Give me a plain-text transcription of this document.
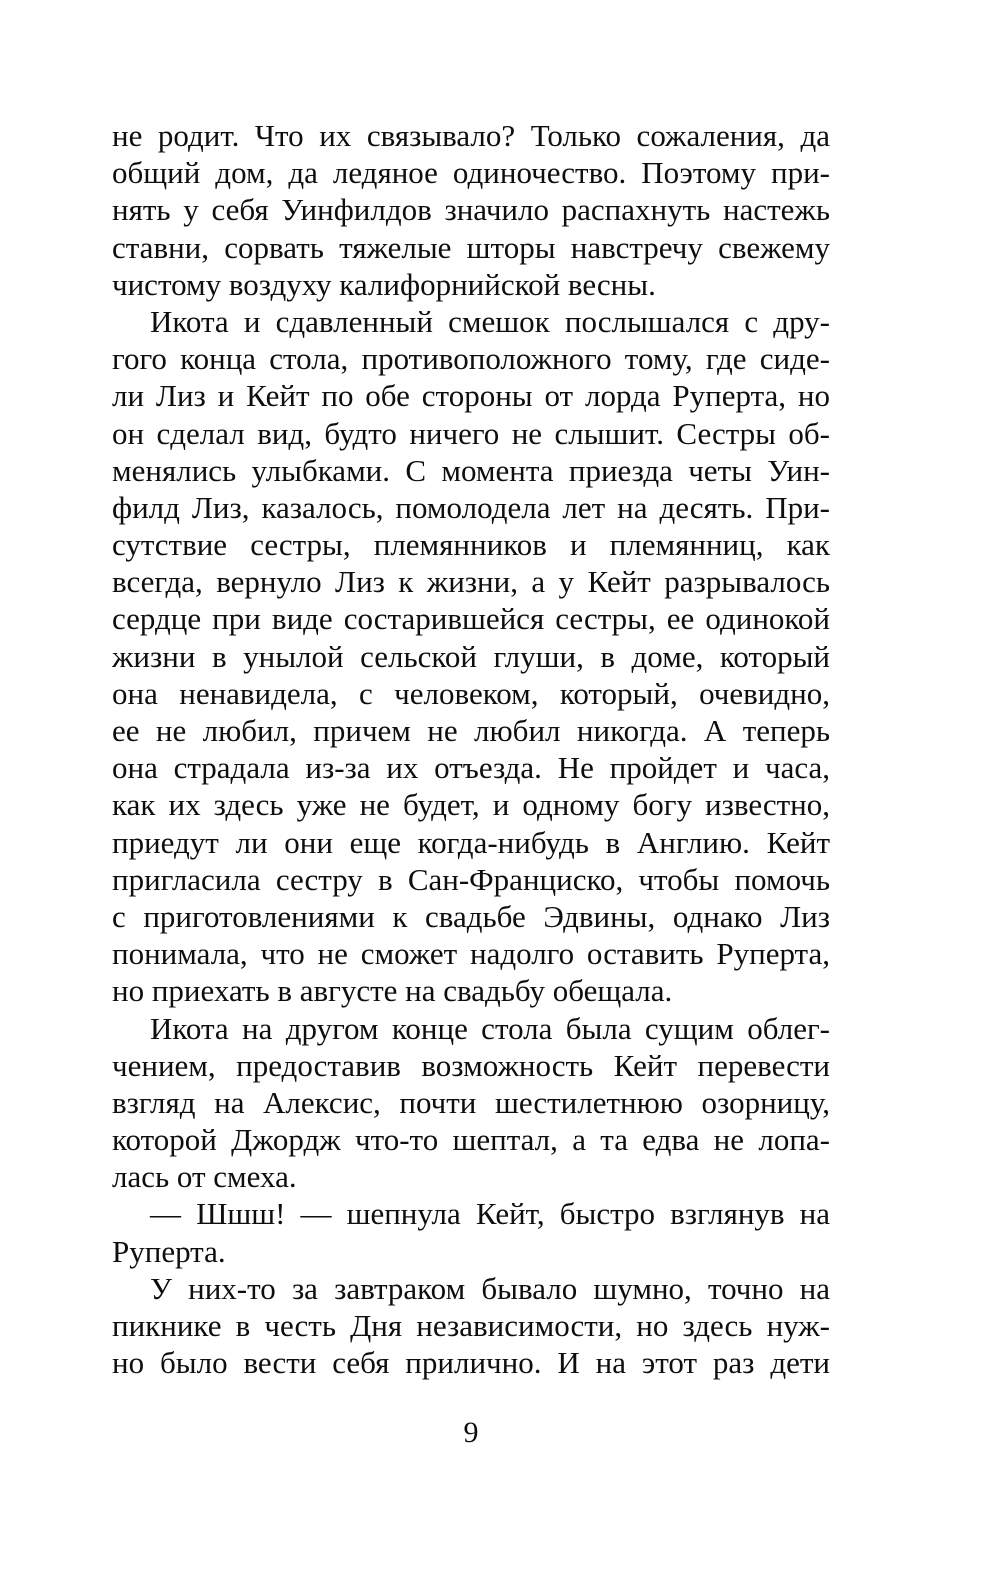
не родит. Что их связывало? Только сожаления, да
общий дом, да ледяное одиночество. Поэтому при-
нять у себя Уинфилдов значило распахнуть настежь
ставни, сорвать тяжелые шторы навстречу свежему
чистому воздуху калифорнийской весны.
Икота и сдавленный смешок послышался с дру-
гого конца стола, противоположного тому, где сиде-
ли Лиз и Кейт по обе стороны от лорда Руперта, но
он сделал вид, будто ничего не слышит. Сестры об-
менялись улыбками. С момента приезда четы Уин-
филд Лиз, казалось, помолодела лет на десять. При-
сутствие сестры, племянников и племянниц, как
всегда, вернуло Лиз к жизни, а у Кейт разрывалось
сердце при виде состарившейся сестры, ее одинокой
жизни в унылой сельской глуши, в доме, который
она ненавидела, с человеком, который, очевидно,
ее не любил, причем не любил никогда. А теперь
она страдала из-за их отъезда. Не пройдет и часа,
как их здесь уже не будет, и одному богу известно,
приедут ли они еще когда-нибудь в Англию. Кейт
пригласила сестру в Сан-Франциско, чтобы помочь
с приготовлениями к свадьбе Эдвины, однако Лиз
понимала, что не сможет надолго оставить Руперта,
но приехать в августе на свадьбу обещала.
Икота на другом конце стола была сущим облег-
чением, предоставив возможность Кейт перевести
взгляд на Алексис, почти шестилетнюю озорницу,
которой Джордж что-то шептал, а та едва не лопа-
лась от смеха.
— Шшш! — шепнула Кейт, быстро взглянув на
Руперта.
У них-то за завтраком бывало шумно, точно на
пикнике в честь Дня независимости, но здесь нуж-
но было вести себя прилично. И на этот раз дети
9
